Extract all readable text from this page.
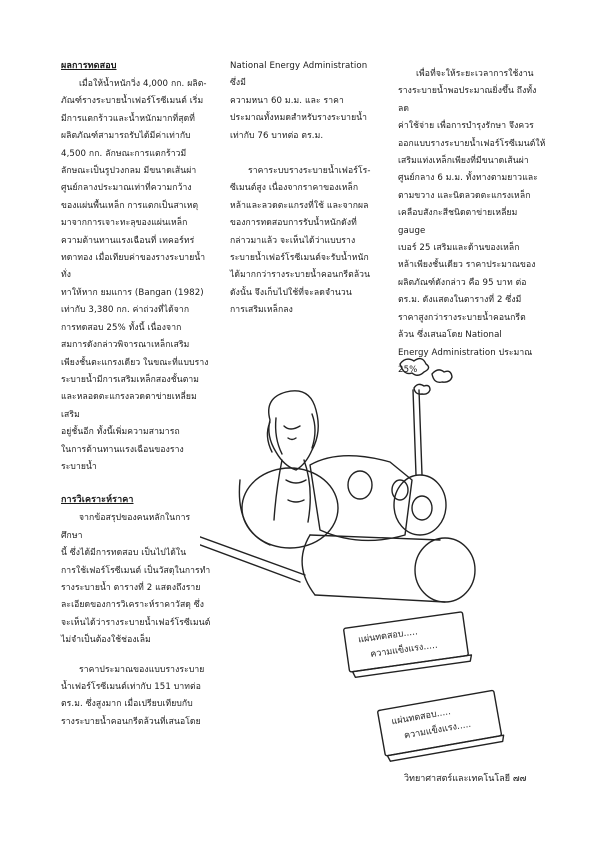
ผลการทดสอบ

เมื่อให้น้ำหนักวิ่ง 4,000 กก. ผลิต-

ภัณฑ์รางระบายน้ำเฟอร์โรซีเมนต์ เริ่ม

มีการแตกร้าวและน้ำหนักมากที่สุดที่

ผลิตภัณฑ์สามารถรับได้มีค่าเท่ากับ

4,500 กก. ลักษณะการแตกร้าวมี

ลักษณะเป็นรูปวงกลม มีขนาดเส้นผ่า

ศูนย์กลางประมาณเท่าที่ความกว้าง

ของแผ่นพื้นเหล็ก การแตกเป็นสาเหตุ

มาจากการเจาะทะลุของแผ่นเหล็ก

ความต้านทานแรงเฉือนที่ เทคอร์ทร่

ทดาทอง เมื่อเทียบค่าของรางระบายน้ำทั่ง

ทาให้หาก ยมแการ (Bangan (1982)

เท่ากับ 3,380 กก. ค่าถ่วงที่ได้จาก

การทดสอบ 25% ทั้งนี้ เนื่องจาก

สมการดังกล่าวพิจารณาเหล็กเสริม

เพียงชั้นตะแกรงเดียว ในขณะที่แบบราง

ระบายน้ำมีการเสริมเหล็กสองชั้นตาม

และหลอดตะแกรงลวดตาข่ายเหลี่ยมเสริม

อยู่ชั้นอีก ทั้งนี้เพิ่มความสามารถ

ในการต้านทานแรงเฉือนของราง

ระบายน้ำ

การวิเคราะห์ราคา

จากข้อสรุปของคนหลักในการศึกษา

นี้ ซึ่งได้มีการทดสอบ เป็นไปได้ใน

การใช้เฟอร์โรซีเมนต์ เป็นวัสดุในการทำ

รางระบายน้ำ ตารางที่ 2 แสดงถึงราย

ละเอียดของการวิเคราะห์ราคาวัสดุ ซึ่ง

จะเห็นได้ว่ารางระบายน้ำเฟอร์โรซีเมนต์

ไม่จำเป็นต้องใช้ช่องเล็ม

ราคาประมาณของแบบรางระบาย

น้ำเฟอร์โรซีเมนต์เท่ากับ 151 บาทต่อ

ตร.ม. ซึ่งสูงมาก เมื่อเปรียบเทียบกับ

รางระบายน้ำคอนกรีตล้วนที่เสนอโดย

National Energy Administration ซึ่งมี

ความหนา 60 ม.ม. และ ราคา

ประมาณทั้งหมดสำหรับรางระบายน้ำ

เท่ากับ 76 บาทต่อ ตร.ม.

ราคาระบบรางระบายน้ำเฟอร์โร-

ซีเมนต์สูง เนื่องจากราคาของเหล็ก

หล้าและลวดตะแกรงที่ใช้ และจากผล

ของการทดสอบการรับน้ำหนักดังที่

กล่าวมาแล้ว จะเห็นได้ว่าแบบราง

ระบายน้ำเฟอร์โรซีเมนต์จะรับน้ำหนัก

ได้มากกว่ารางระบายน้ำคอนกรีตล้วน

ดังนั้น จึงเก็บไปใช้ที่จะลดจำนวน

การเสริมเหล็กลง

เพื่อที่จะให้ระยะเวลาการใช้งาน

รางระบายน้ำพอประมาณยิ่งขึ้น ถึงทั้งลด

ค่าใช้จ่าย เพื่อการบำรุงรักษา จึงควร

ออกแบบรางระบายน้ำเฟอร์โรซีเมนต์ให้

เสริมแท่งเหล็กเพียงที่มีขนาดเส้นผ่า

ศูนย์กลาง 6 ม.ม. ทั้งทางตามยาวและ

ตามขวาง และนิดลวดตะแกรงเหล็ก

เคลือบสังกะสีชนิดตาข่ายเหลี่ยม gauge

เบอร์ 25 เสริมและด้านของเหล็ก

หล้าเพียงชั้นเดียว ราคาประมาณของ

ผลิตภัณฑ์ดังกล่าว คือ 95 บาท ต่อ

ตร.ม. ดังแสดงในตารางที่ 2 ซึ่งมี

ราคาสูงกว่ารางระบายน้ำคอนกรีต

ล้วน ซึ่งเสนอโดย National

Energy Administration ประมาณ 25%

แผ่นทดสอบ.....
ความแข็งแรง.....
แผ่นทดสอบ.....
ความแข็งแรง.....
วิทยาศาสตร์และเทคโนโลยี ๗๗
